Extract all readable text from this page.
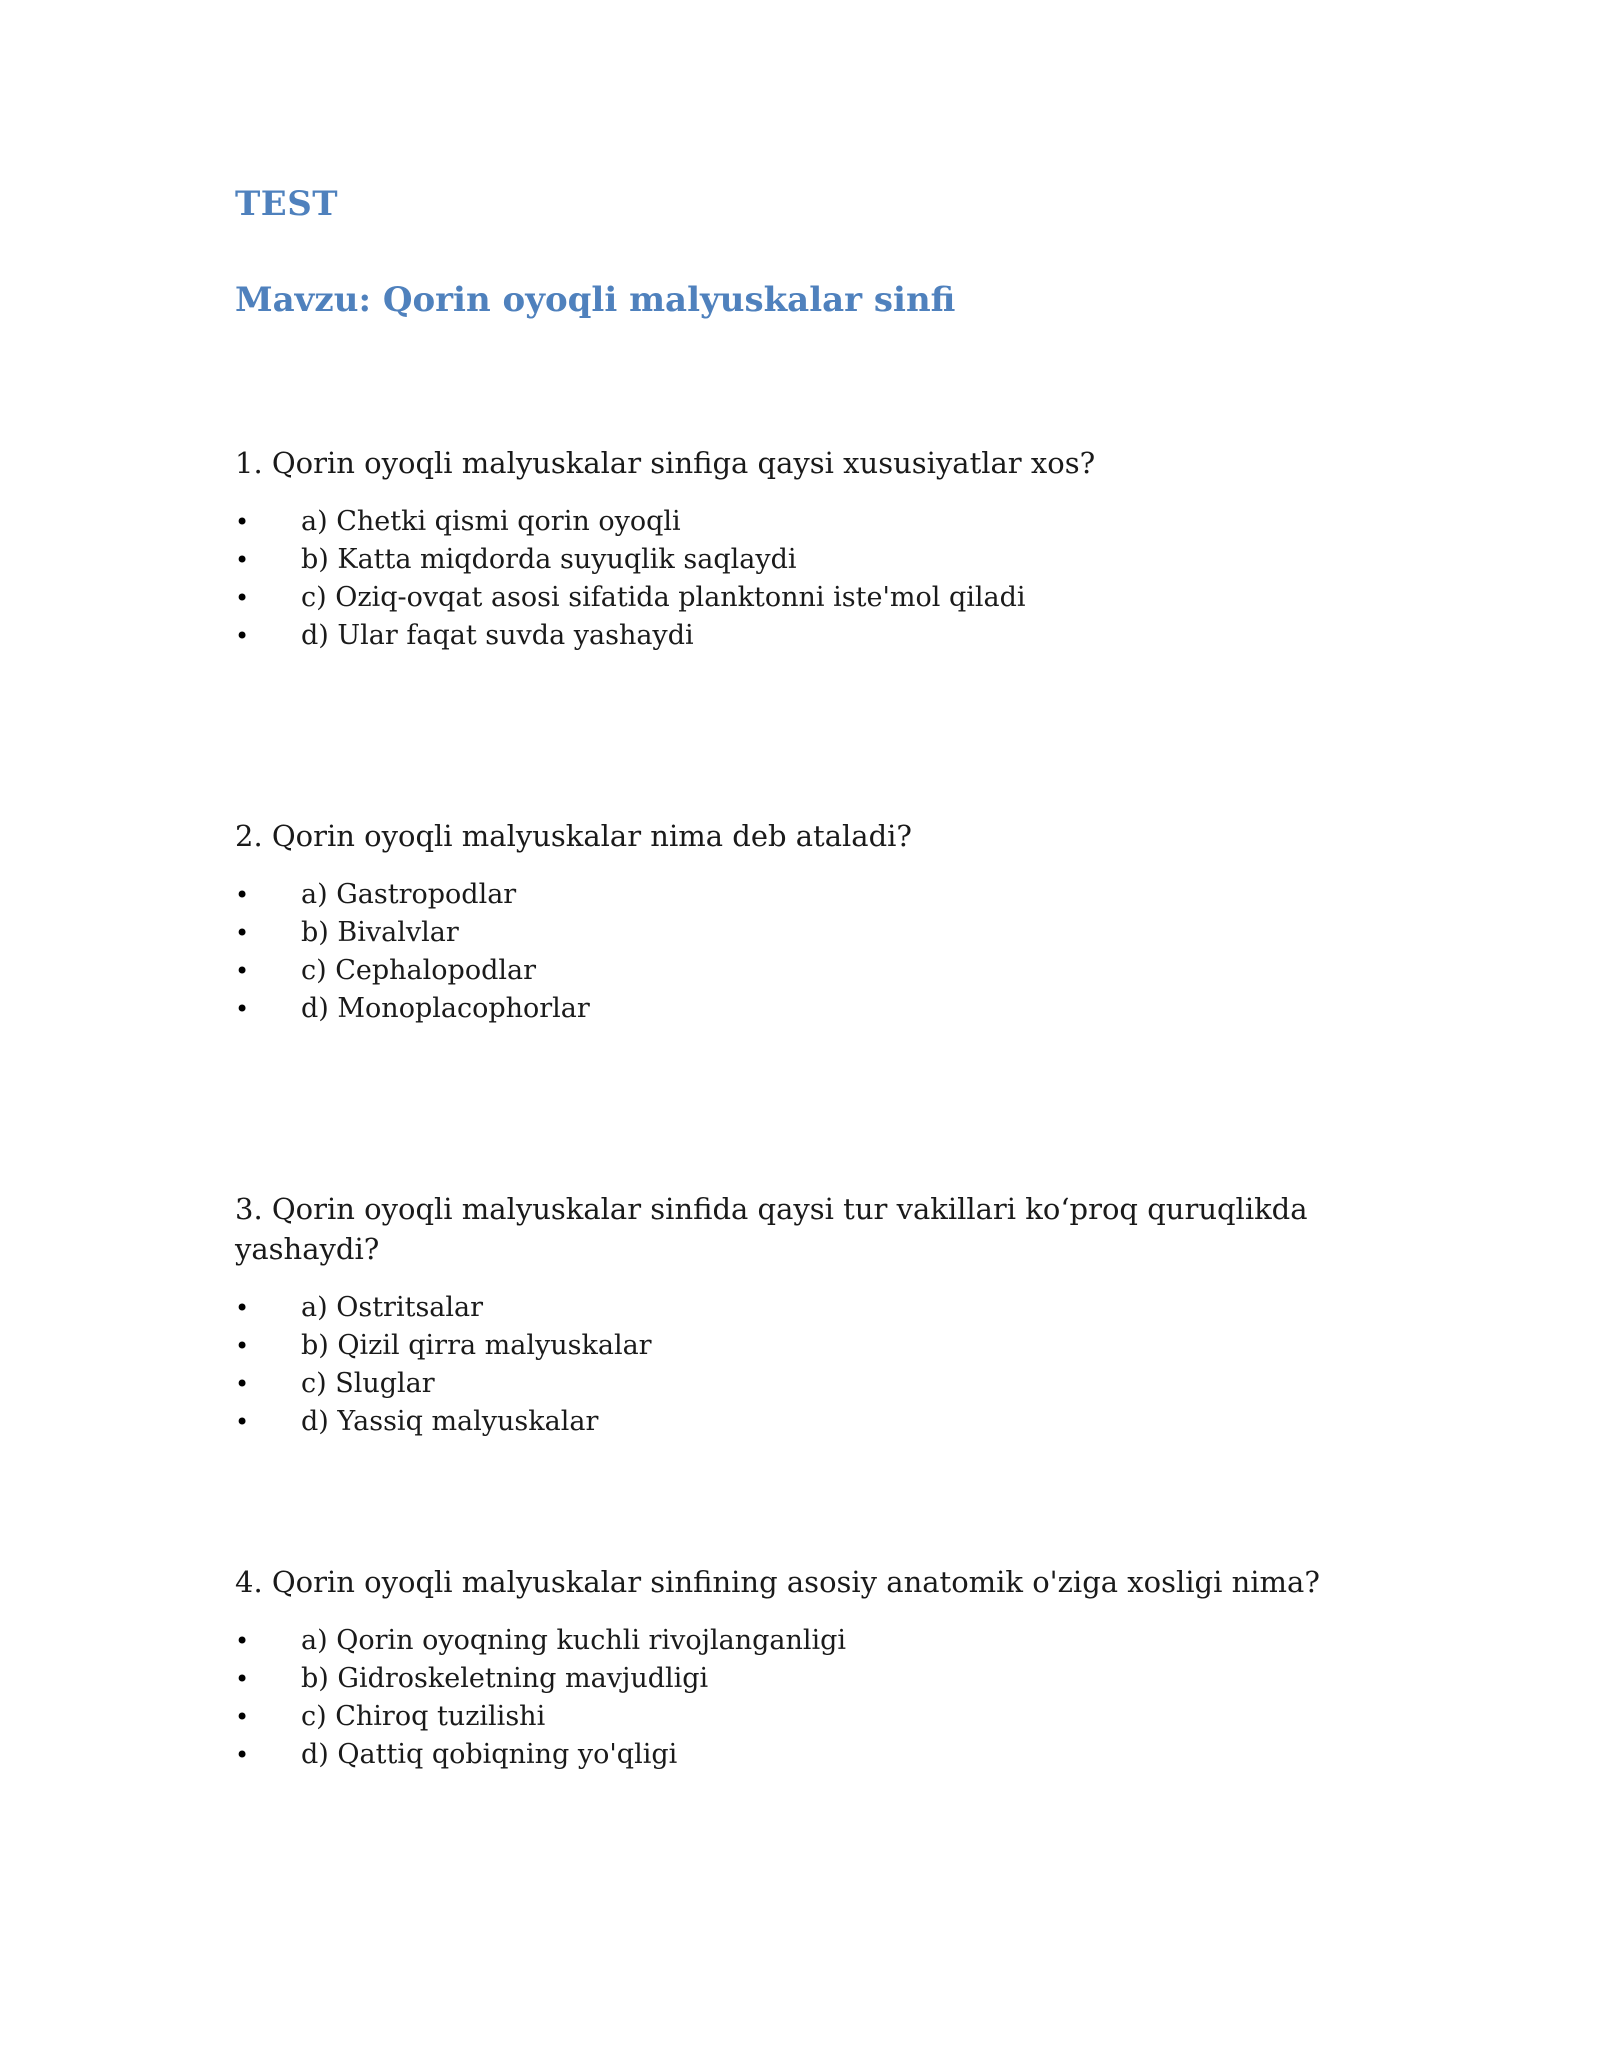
TEST
Mavzu: Qorin oyoqli malyuskalar sinfi

1. Qorin oyoqli malyuskalar sinfiga qaysi xususiyatlar xos?

• a) Chetki qismi qorin oyoqli
• b) Katta miqdorda suyuqlik saqlaydi
• c) Oziq-ovqat asosi sifatida planktonni iste'mol qiladi
• d) Ular faqat suvda yashaydi

2. Qorin oyoqli malyuskalar nima deb ataladi?

• a) Gastropodlar
• b) Bivalvlar
• c) Cephalopodlar
• d) Monoplacophorlar

3. Qorin oyoqli malyuskalar sinfida qaysi tur vakillari ko‘proq quruqlikda yashaydi?

• a) Ostritsalar
• b) Qizil qirra malyuskalar
• c) Sluglar
• d) Yassiq malyuskalar

4. Qorin oyoqli malyuskalar sinfining asosiy anatomik o'ziga xosligi nima?

• a) Qorin oyoqning kuchli rivojlanganligi
• b) Gidroskeletning mavjudligi
• c) Chiroq tuzilishi
• d) Qattiq qobiqning yo'qligi
